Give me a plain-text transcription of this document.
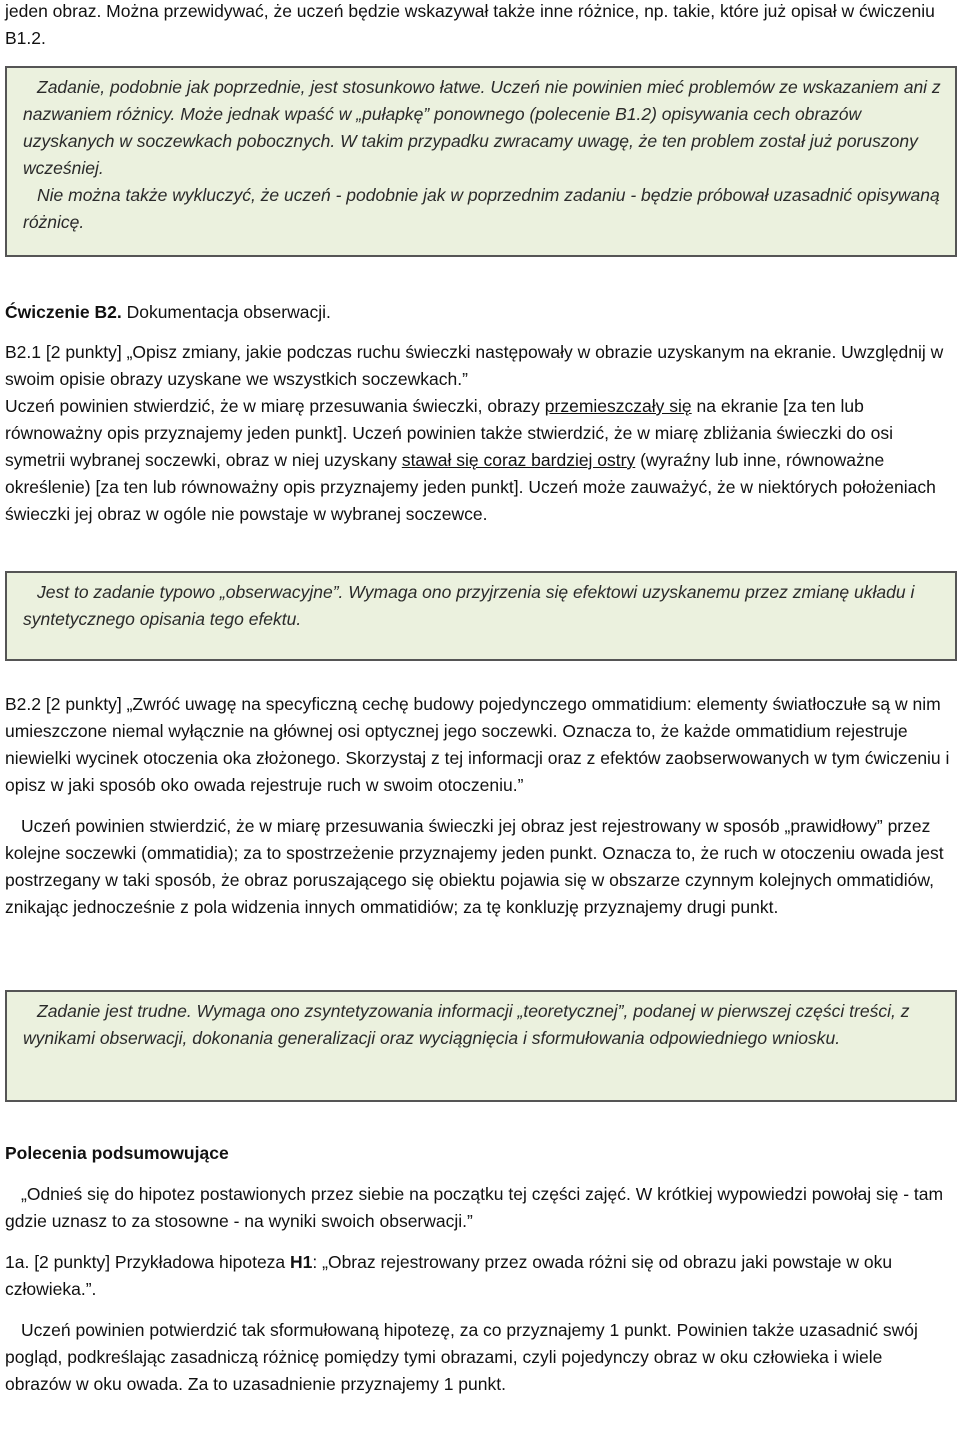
jeden obraz. Można przewidywać, że uczeń będzie wskazywał także inne różnice, np. takie, które już opisał w ćwiczeniu B1.2.

Zadanie, podobnie jak poprzednie, jest stosunkowo łatwe. Uczeń nie powinien mieć problemów ze wskazaniem ani z nazwaniem różnicy. Może jednak wpaść w „pułapkę” ponownego (polecenie B1.2) opisywania cech obrazów uzyskanych w soczewkach pobocznych. W takim przypadku zwracamy uwagę, że ten problem został już poruszony wcześniej.

Nie można także wykluczyć, że uczeń - podobnie jak w poprzednim zadaniu - będzie próbował uzasadnić opisywaną różnicę.

Ćwiczenie B2. Dokumentacja obserwacji.

B2.1 [2 punkty] „Opisz zmiany, jakie podczas ruchu świeczki następowały w obrazie uzyskanym na ekranie. Uwzględnij w swoim opisie obrazy uzyskane we wszystkich soczewkach.”

Uczeń powinien stwierdzić, że w miarę przesuwania świeczki, obrazy przemieszczały się na ekranie [za ten lub równoważny opis przyznajemy jeden punkt]. Uczeń powinien także stwierdzić, że w miarę zbliżania świeczki do osi symetrii wybranej soczewki, obraz w niej uzyskany stawał się coraz bardziej ostry (wyraźny lub inne, równoważne określenie) [za ten lub równoważny opis przyznajemy jeden punkt]. Uczeń może zauważyć, że w niektórych położeniach świeczki jej obraz w ogóle nie powstaje w wybranej soczewce.

Jest to zadanie typowo „obserwacyjne”. Wymaga ono przyjrzenia się efektowi uzyskanemu przez zmianę układu i syntetycznego opisania tego efektu.

B2.2 [2 punkty] „Zwróć uwagę na specyficzną cechę budowy pojedynczego ommatidium: elementy światłoczułe są w nim umieszczone niemal wyłącznie na głównej osi optycznej jego soczewki. Oznacza to, że każde ommatidium rejestruje niewielki wycinek otoczenia oka złożonego. Skorzystaj z tej informacji oraz z efektów zaobserwowanych w tym ćwiczeniu i opisz w jaki sposób oko owada rejestruje ruch w swoim otoczeniu.”

Uczeń powinien stwierdzić, że w miarę przesuwania świeczki jej obraz jest rejestrowany w sposób „prawidłowy” przez kolejne soczewki (ommatidia); za to spostrzeżenie przyznajemy jeden punkt. Oznacza to, że ruch w otoczeniu owada jest postrzegany w taki sposób, że obraz poruszającego się obiektu pojawia się w obszarze czynnym kolejnych ommatidiów, znikając jednocześnie z pola widzenia innych ommatidiów; za tę konkluzję przyznajemy drugi punkt.

Zadanie jest trudne. Wymaga ono zsyntetyzowania informacji „teoretycznej”, podanej w pierwszej części treści, z wynikami obserwacji, dokonania generalizacji oraz wyciągnięcia i sformułowania odpowiedniego wniosku.

Polecenia podsumowujące

„Odnieś się do hipotez postawionych przez siebie na początku tej części zajęć. W krótkiej wypowiedzi powołaj się - tam gdzie uznasz to za stosowne - na wyniki swoich obserwacji.”

1a. [2 punkty] Przykładowa hipoteza H1: „Obraz rejestrowany przez owada różni się od obrazu jaki powstaje w oku człowieka.”.

Uczeń powinien potwierdzić tak sformułowaną hipotezę, za co przyznajemy 1 punkt. Powinien także uzasadnić swój pogląd, podkreślając zasadniczą różnicę pomiędzy tymi obrazami, czyli pojedynczy obraz w oku człowieka i wiele obrazów w oku owada. Za to uzasadnienie przyznajemy 1 punkt.
